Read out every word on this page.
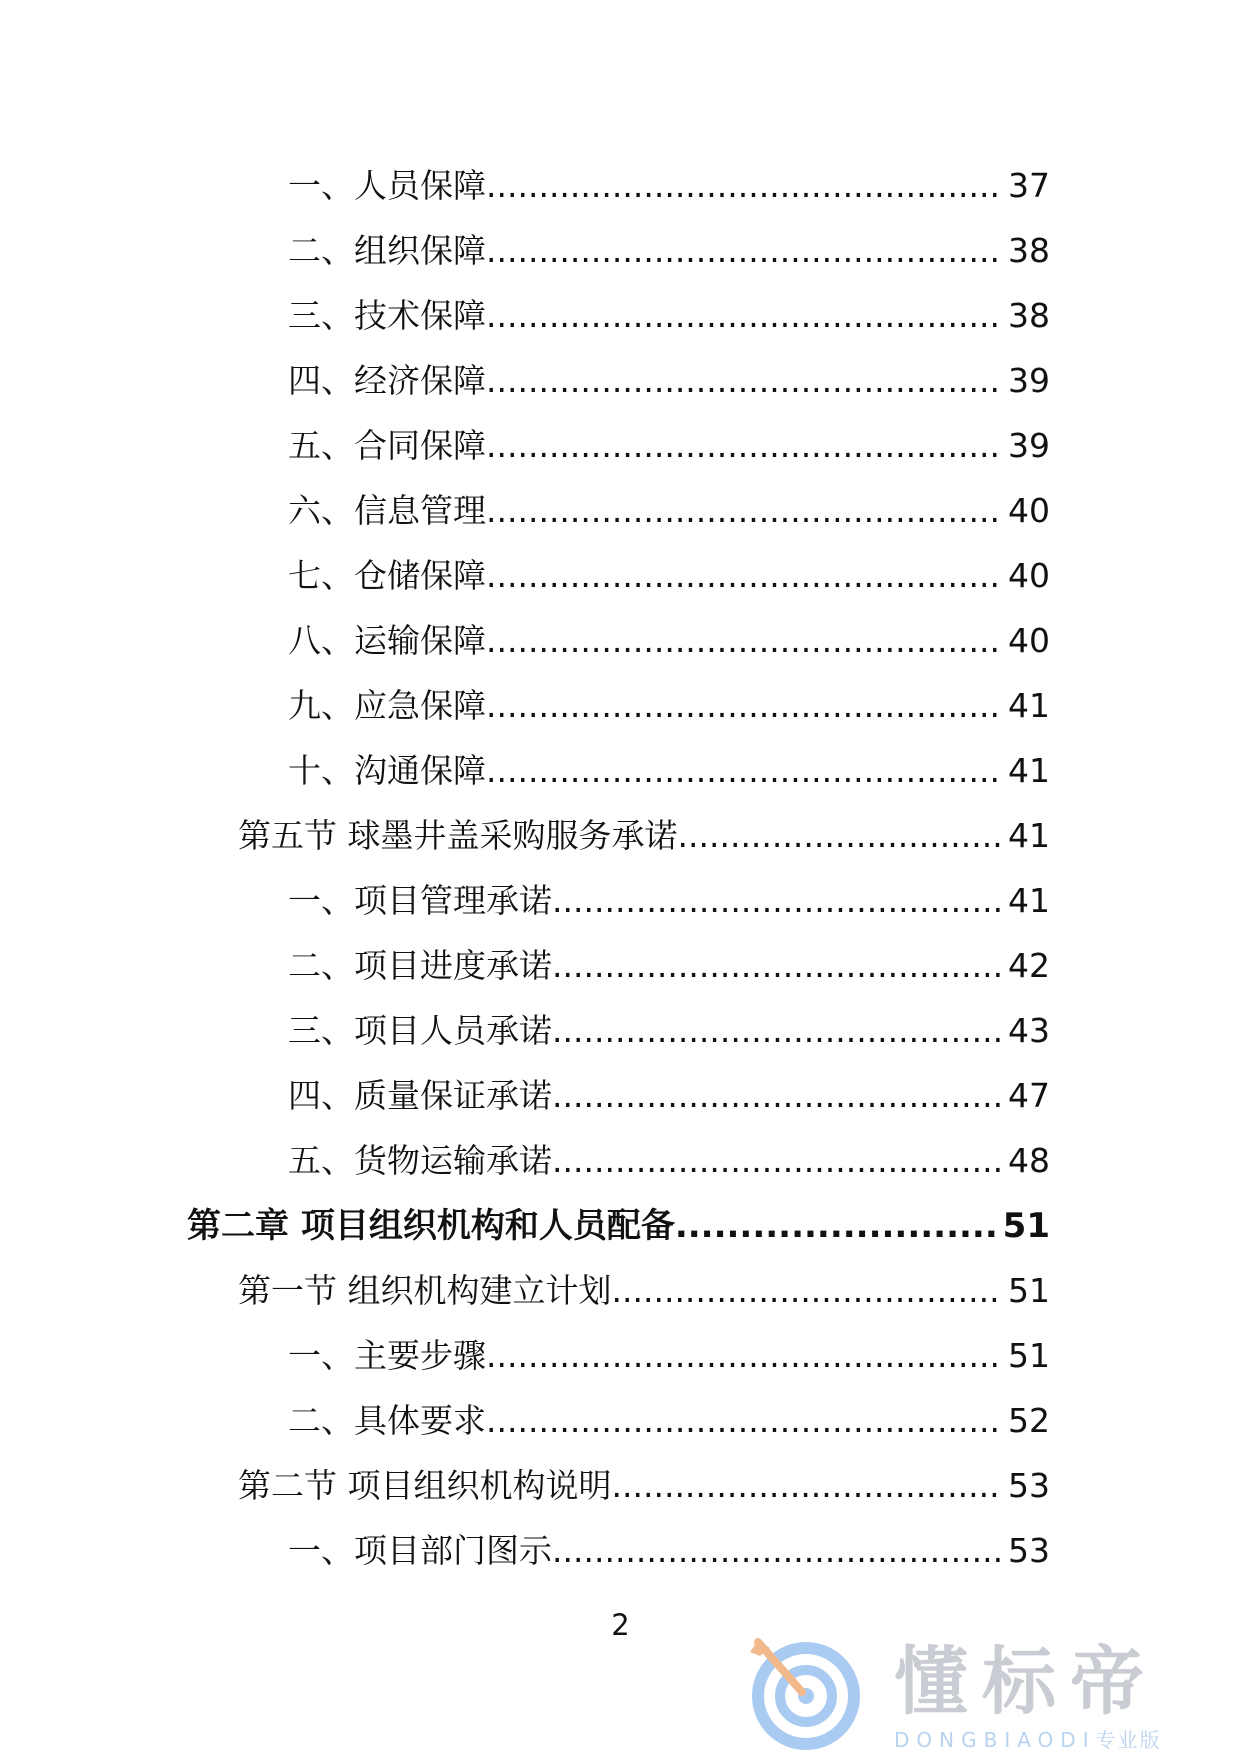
一、人员保障 .....	37
二、组织保障 .....	38
三、技术保障 .....	38
四、经济保障 .....	39
五、合同保障 .....	39
六、信息管理 .....	40
七、仓储保障 .....	40
八、运输保障 .....	40
九、应急保障 .....	41
十、沟通保障 .....	41
第五节 球墨井盖采购服务承诺 .....	41
一、项目管理承诺 .....	41
二、项目进度承诺 .....	42
三、项目人员承诺 .....	43
四、质量保证承诺 .....	47
五、货物运输承诺 .....	48
第二章 项目组织机构和人员配备 .....	51
第一节 组织机构建立计划 .....	51
一、主要步骤 .....	51
二、具体要求 .....	52
第二节 项目组织机构说明 .....	53
一、项目部门图示 .....	53
2
懂标帝
DONGBIAODI专业版
